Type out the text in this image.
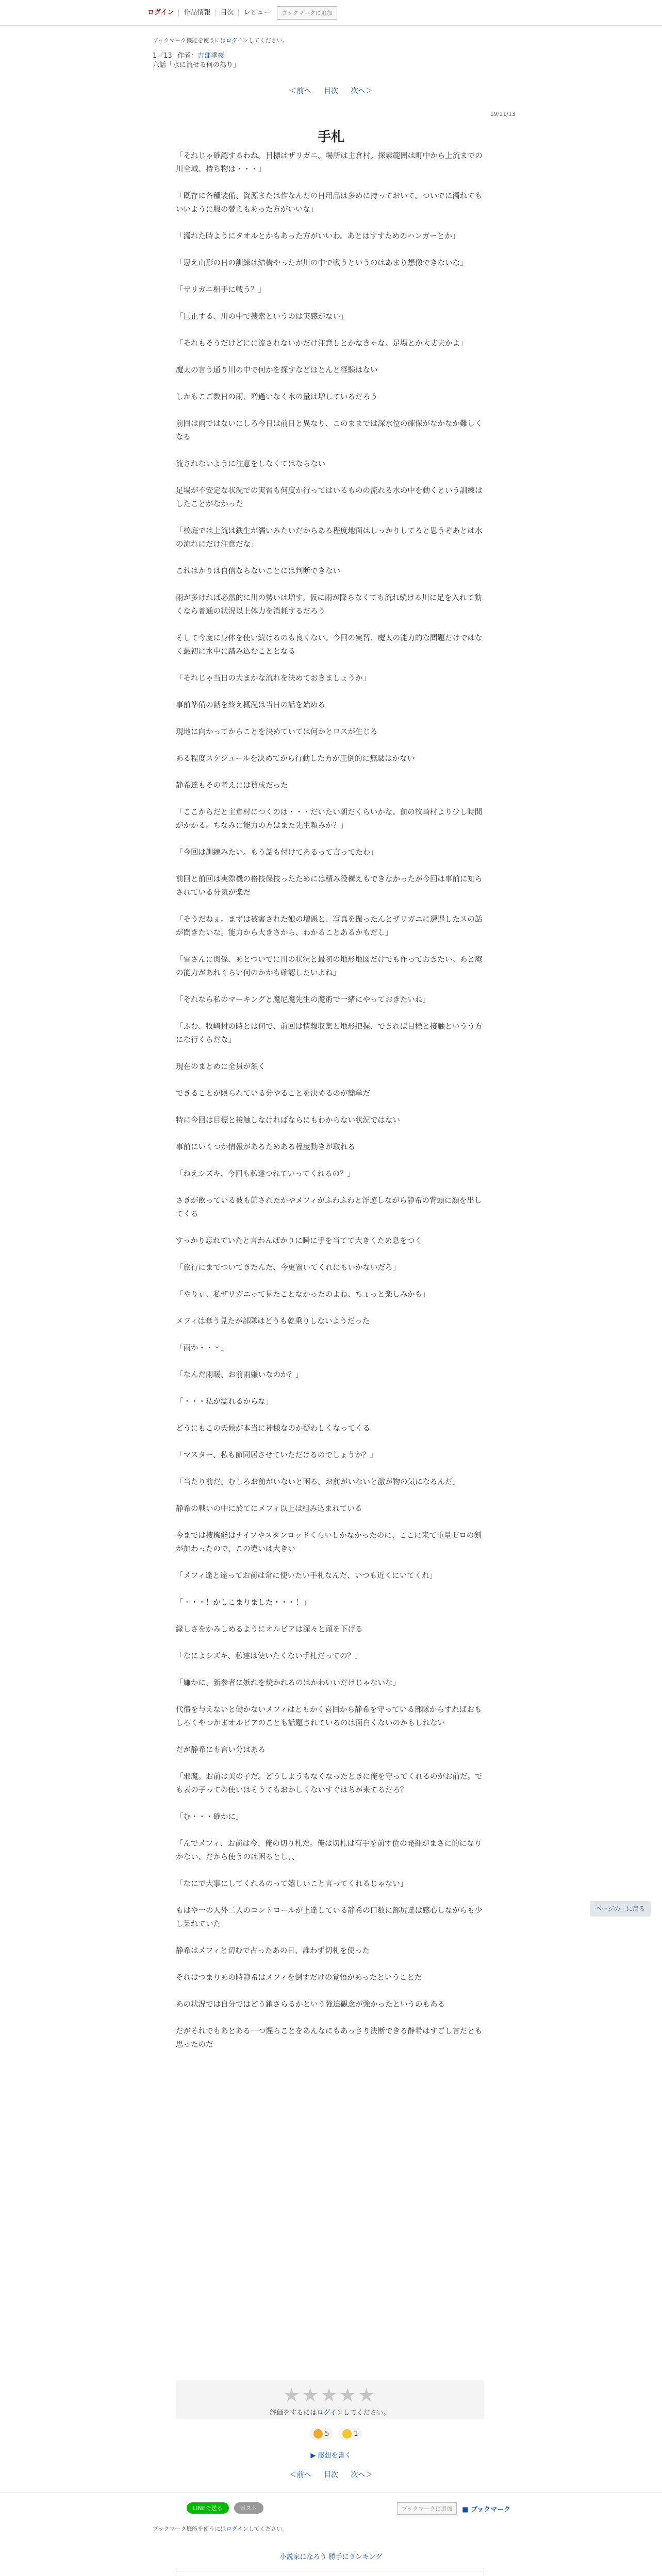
ログイン	作品情報	目次	レビュー	ブックマークに追加
ブックマーク機能を使うにはログインしてください。
1／13 作者：吉部季夜
六話「水に流せる何の為り」
＜前へ 目次 次へ＞
19/11/13
手札

「それじゃ確認するわね。目標はザリガニ。場所は主倉村。探索範囲は町中から上流までの川全域、持ち物は・・・」

「既存に各種装備、資源または作なんだの日用品は多めに持っておいて。ついでに濡れてもいいように服の替えもあった方がいいな」

「濡れた時ようにタオルとかもあった方がいいわ。あとはすすためのハンガーとか」

「思え山形の日の訓練は結構やったが川の中で戦うというのはあまり想像できないな」

「ザリガニ相手に戦う？」

「巨正する、川の中で捜索というのは実感がない」

「それもそうだけどにに流されないかだけ注意しとかなきゃな。足場とか大丈夫かよ」

魔太の言う通り川の中で何かを探すなどほとんど経験はない

しかもこご数日の雨、増過いなく水の量は増しているだろう

前回は雨ではないにしろ今日は前日と異なり、このままでは深水位の確保がなかなか難しくなる

流されないように注意をしなくてはならない

足場が不安定な状況での実習も何度か行ってはいるものの流れる水の中を動くという訓練はしたことがなかった

「校庭では上流は鉄生が濡いみたいだからある程度地面はしっかりしてると思うぞあとは水の流れにだけ注意だな」

これはかりは自信ならないことには判断できない

雨が多ければ必然的に川の勢いは増す。仮に雨が降らなくても流れ続ける川に足を入れて動くなら普通の状況以上体力を消耗するだろう

そして今度に身体を使い続けるのも良くない。今回の実習、魔太の能力的な問題だけではなく最初に水中に踏み込むこととなる

「それじゃ当日の大まかな流れを決めておきましょうか」

事前準備の話を終え概況は当日の話を始める

現地に向かってからことを決めていては何かとロスが生じる

ある程度スケジュールを決めてから行動した方が圧倒的に無駄はかない

静希達もその考えには賛成だった

「ここからだと主倉村につくのは・・・だいたい朝だくらいかな。前の牧崎村より少し時間がかかる。ちなみに能力の方はまた先生頼みか？」

「今回は訓練みたい。もう話も付けてあるって言ってたわ」

前回と前回は実際機の格技保技ったためには積み役構えもできなかったが今回は事前に知らされている分気が楽だ

「そうだねぇ。まずは被害された娘の増悪と、写真を撮ったんとザリガニに遭遇したスの話が聞きたいな。能力から大きさから、わかることあるかもだし」

「雪さんに関係、あとついでに川の状況と最初の地形地図だけでも作っておきたい。あと庵の能力があれくらい何のかかも確認したいよね」

「それなら私のマーキングと魔尼魔先生の魔術で一緒にやっておきたいね」

「ふむ、牧崎村の時とは何で、前回は情報収集と地形把握、できれば目標と接触というう方にな行くらだな」

現在のまとめに全員が頷く

できることが限られている分やることを決めるのが簡単だ

特に今回は目標と接触しなければならにもわからない状況ではない

事前にいくつか情報があるためある程度動きが取れる

「ねえシズキ、今回も私達つれていってくれるの？」

さきが飲っている彼も節されたかやメフィがふわふわと浮遊しながら静希の背頭に顔を出してくる

すっかり忘れていたと言わんばかりに瞬に手を当てて大きくため息をつく

「旅行にまでついてきたんだ、今更置いてくれにもいかないだろ」

「やりぃ、私ザリガニって見たことなかったのよね、ちょっと楽しみかも」

メフィは奪う見たが部隊はどうも乾乗りしないようだった

「雨か・・・」

「なんだ雨暖、お前雨嫌いなのか？」

「・・・私が濡れるからな」

どうにもこの天候が本当に神様なのか疑わしくなってくる

「マスター、私も節同居させていただけるのでしょうか？」

「当たり前だ。むしろお前がいないと困る。お前がいないと激が物の気になるんだ」

静希の戦いの中に於てにメフィ以上は組み込まれている

今までは捜機能はナイフやスタンロッドくらいしかなかったのに、ここに来て重量ゼロの剣が加わったので、この違いは大きい

「メフィ達と違ってお前は常に使いたい手札なんだ、いつも近くにいてくれ」

「・・・！かしこまりました・・・！」

緑しさをかみしめるようにオルビアは深々と頭を下げる

「なによシズキ、私達は使いたくない手札だっての？」

「嫌かに、新参者に嫉れを焼かれるのはかわいいだけじゃないな」

代償を与えないと働かないメフィはともかく喜回から静希を守っている部隊からすればおもしろくやつかまオルビアのことも話題されているのは面白くないのかもしれない

だが静希にも言い分はある

「邪魔。お前は美の子だ。どうしようもなくなったときに俺を守ってくれるのがお前だ。でも表の子っての使いはそうてもおかしくないすぐはちが来てるだろ？

「む・・・確かに」

「んでメフィ、お前は今、俺の切り札だ。俺は切札は有手を前す位の発揮がまさに的になりかない、だから使うのは困るとし、、

「なにで大事にしてくれるのって嬉しいこと言ってくれるじゃない」

もはや一の人外二人のコントロールが上達している静希の口数に部尻達は感心しながらも少し呆れていた

静希はメフィと切むで占ったあの日、誰わず切札を使った

それはつまりあの時静希はメフィを倒すだけの覚悟があったということだ

あの状況では自分ではどう鎖さらるかという強迫観念が強かったというのもある

だがそれでもあとある一つ遅らことをあんなにもあっさり決断できる静希はすごし言だとも思ったのだ

★★★★★
評価をするにはログインしてください。
5	1
▶ 感想を書く
＜前へ 目次 次へ＞
LINEで送る	ポスト	ブックマークに追加	■ ブックマーク
ブックマーク機能を使うにはログインしてください。
小説家になろう 勝手にランキング
ページの上に戻る
